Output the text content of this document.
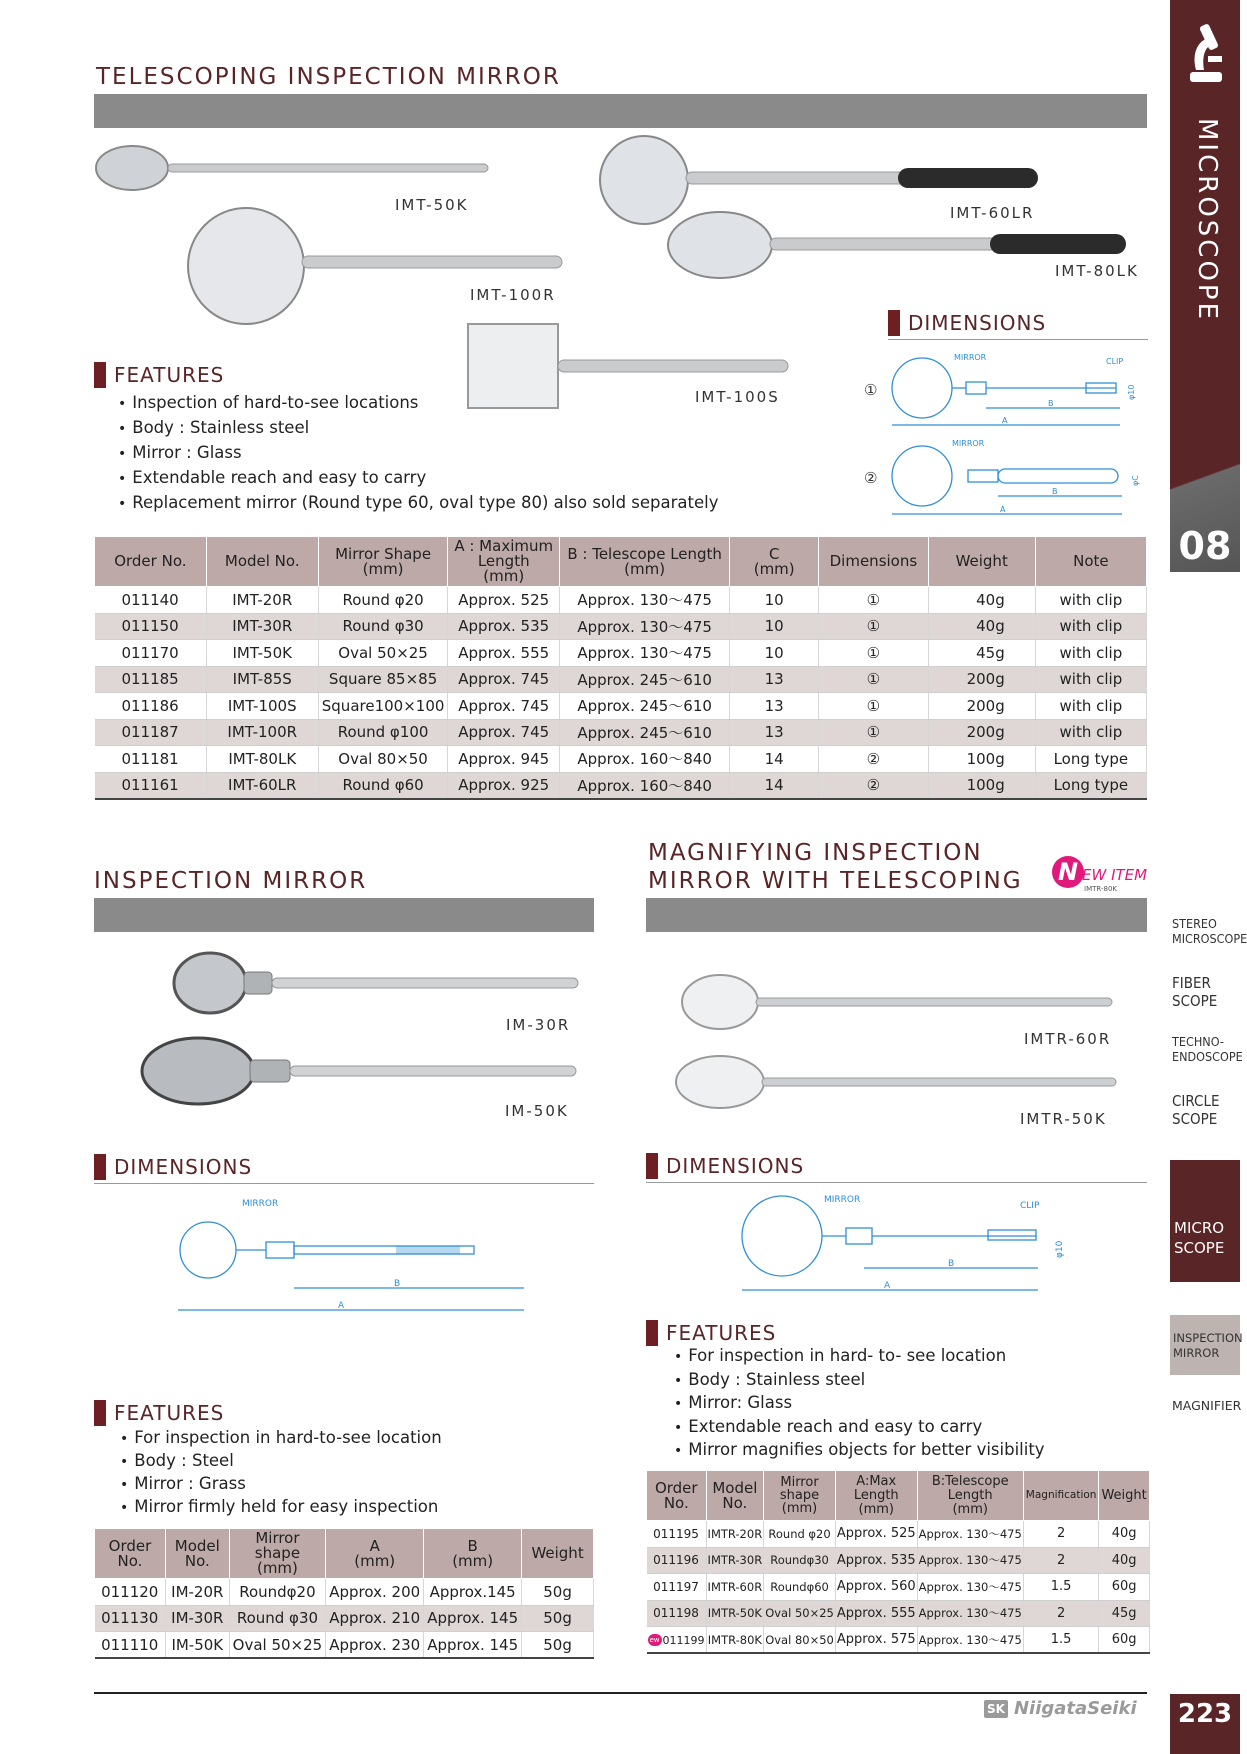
MICROSCOPE
08
STEREO
MICROSCOPE
FIBER
SCOPE
TECHNO-
ENDOSCOPE
CIRCLE
SCOPE
MICRO
SCOPE
INSPECTION
MIRROR
MAGNIFIER
TELESCOPING INSPECTION MIRROR
IMT-50K	IMT-60LR
IMT-80LK
IMT-100R
IMT-100S
DIMENSIONS
①
②
MIRROR	CLIP
B
A
φ10
MIRROR
B
A
φC
FEATURES
• Inspection of hard-to-see locations
• Body : Stainless steel
• Mirror : Glass
• Extendable reach and easy to carry
• Replacement mirror (Round type 60, oval type 80) also sold separately
Order No.	Model No.	Mirror Shape
(mm)	A : Maximum
Length
(mm)	B : Telescope Length
(mm)	C
(mm)	Dimensions	Weight	Note
011140	IMT-20R	Round φ20	Approx. 525	Approx. 130～475	10	①	40g	with clip
011150	IMT-30R	Round φ30	Approx. 535	Approx. 130～475	10	①	40g	with clip
011170	IMT-50K	Oval 50×25	Approx. 555	Approx. 130～475	10	①	45g	with clip
011185	IMT-85S	Square 85×85	Approx. 745	Approx. 245～610	13	①	200g	with clip
011186	IMT-100S	Square100×100	Approx. 745	Approx. 245～610	13	①	200g	with clip
011187	IMT-100R	Round φ100	Approx. 745	Approx. 245～610	13	①	200g	with clip
011181	IMT-80LK	Oval 80×50	Approx. 945	Approx. 160～840	14	②	100g	Long type
011161	IMT-60LR	Round φ60	Approx. 925	Approx. 160～840	14	②	100g	Long type
INSPECTION MIRROR
IM-30R
IM-50K
DIMENSIONS
MIRROR
B
A
FEATURES
• For inspection in hard-to-see location
• Body : Steel
• Mirror : Grass
• Mirror firmly held for easy inspection
Order
No.	Model
No.	Mirror
shape
(mm)	A
(mm)	B
(mm)	Weight
011120	IM-20R	Roundφ20	Approx. 200	Approx.145	50g
011130	IM-30R	Round φ30	Approx. 210	Approx. 145	50g
011110	IM-50K	Oval 50×25	Approx. 230	Approx. 145	50g
MAGNIFYING INSPECTION
MIRROR WITH TELESCOPING N EW ITEM
IMTR-80K
IMTR-60R
IMTR-50K
DIMENSIONS
MIRROR
CLIP
B
A
φ10
FEATURES
• For inspection in hard- to- see location
• Body : Stainless steel
• Mirror: Glass
• Extendable reach and easy to carry
• Mirror magnifies objects for better visibility
Order
No.	Model
No.	Mirror
shape
(mm)	A:Max
Length
(mm)	B:Telescope
Length
(mm)	Magnification	Weight
011195	IMTR-20R	Round φ20	Approx. 525	Approx. 130～475	2	40g
011196	IMTR-30R	Roundφ30	Approx. 535	Approx. 130～475	2	40g
011197	IMTR-60R	Roundφ60	Approx. 560	Approx. 130～475	1.5	60g
011198	IMTR-50K	Oval 50×25	Approx. 555	Approx. 130～475	2	45g
ew 011199	IMTR-80K	Oval 80×50	Approx. 575	Approx. 130～475	1.5	60g
SK NiigataSeiki	223
